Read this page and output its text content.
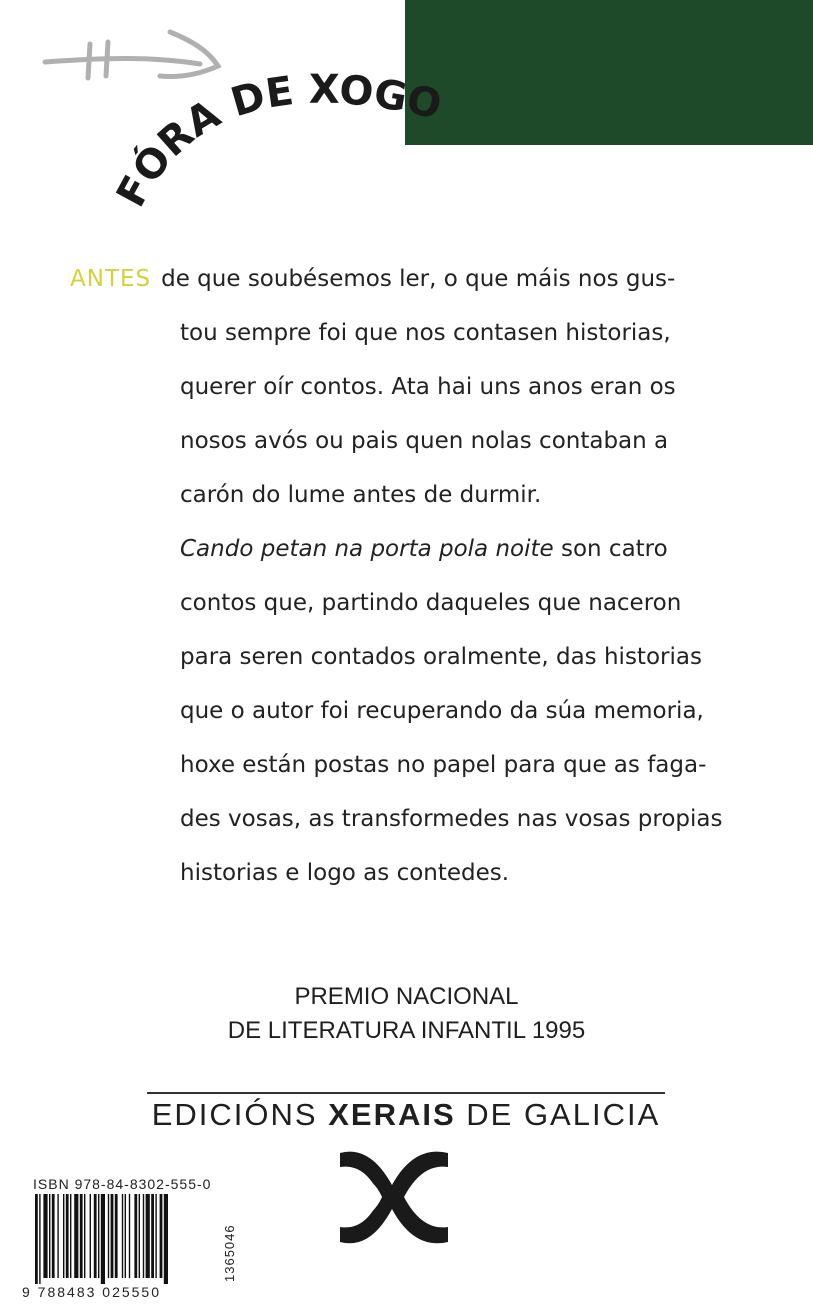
FÓRA DE XOGO
ANTES de que soubésemos ler, o que máis nos gus-
tou sempre foi que nos contasen historias,
querer oír contos. Ata hai uns anos eran os
nosos avós ou pais quen nolas contaban a
carón do lume antes de durmir.
Cando petan na porta pola noite son catro
contos que, partindo daqueles que naceron
para seren contados oralmente, das historias
que o autor foi recuperando da súa memoria,
hoxe están postas no papel para que as faga-
des vosas, as transformedes nas vosas propias
historias e logo as contedes.
PREMIO NACIONAL
DE LITERATURA INFANTIL 1995
EDICIÓNS XERAIS DE GALICIA
ISBN 978-84-8302-555-0
9 788483 025550
1365046
